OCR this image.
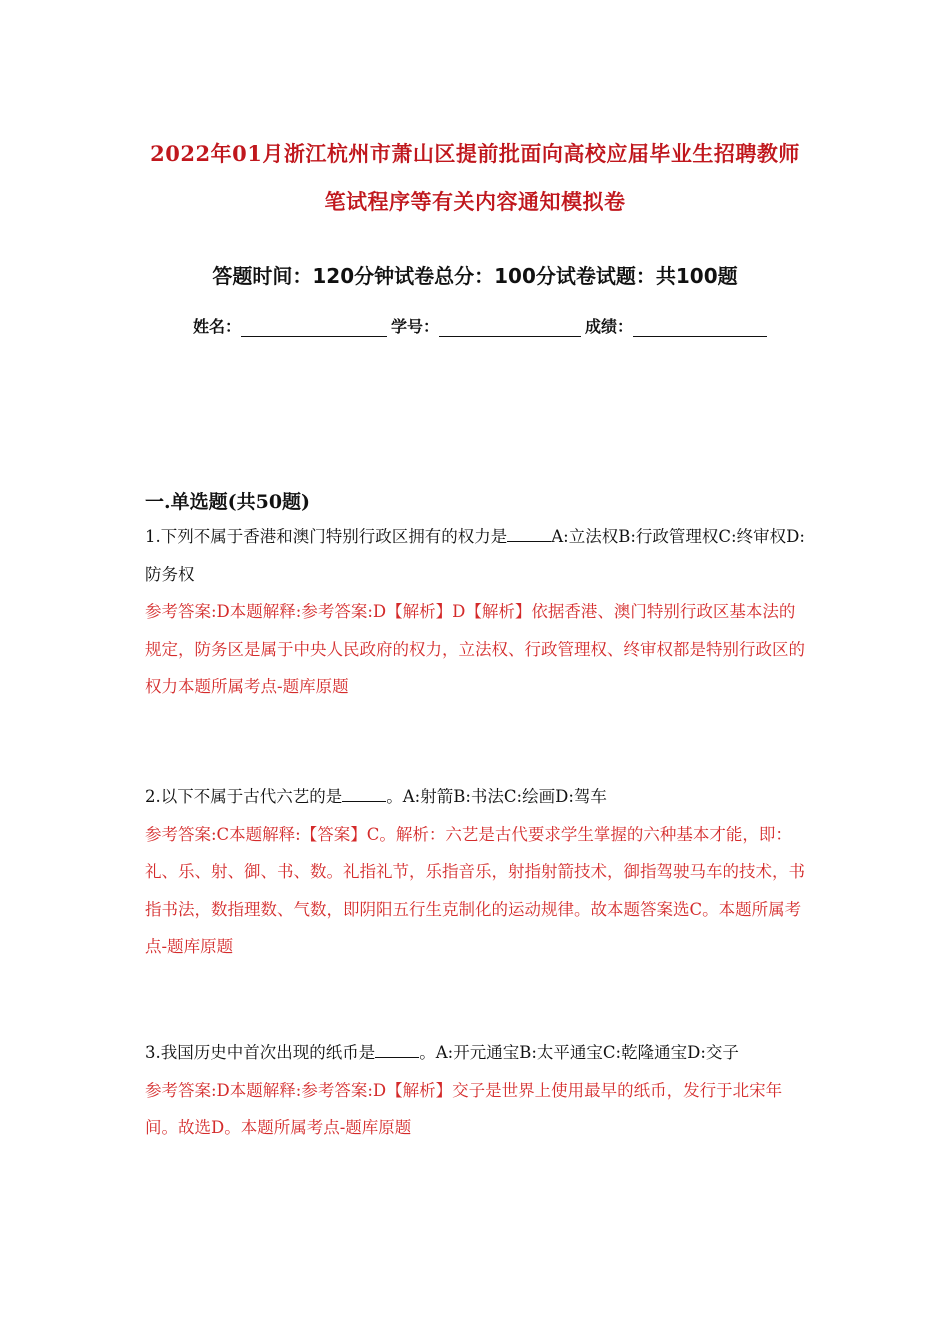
2022年01月浙江杭州市萧山区提前批面向高校应届毕业生招聘教师
笔试程序等有关内容通知模拟卷
答题时间：120分钟试卷总分：100分试卷试题：共100题
姓名：	学号：	成绩：
一.单选题(共50题)
1.下列不属于香港和澳门特别行政区拥有的权力是	A:立法权B:行政管理权C:终审权D:防务权
参考答案:D本题解释:参考答案:D【解析】D【解析】依据香港、澳门特别行政区基本法的规定，防务区是属于中央人民政府的权力，立法权、行政管理权、终审权都是特别行政区的权力本题所属考点-题库原题
2.以下不属于古代六艺的是	。A:射箭B:书法C:绘画D:驾车
参考答案:C本题解释:【答案】C。解析：六艺是古代要求学生掌握的六种基本才能，即：礼、乐、射、御、书、数。礼指礼节，乐指音乐，射指射箭技术，御指驾驶马车的技术，书指书法，数指理数、气数，即阴阳五行生克制化的运动规律。故本题答案选C。本题所属考点-题库原题
3.我国历史中首次出现的纸币是	。A:开元通宝B:太平通宝C:乾隆通宝D:交子
参考答案:D本题解释:参考答案:D【解析】交子是世界上使用最早的纸币，发行于北宋年间。故选D。本题所属考点-题库原题
